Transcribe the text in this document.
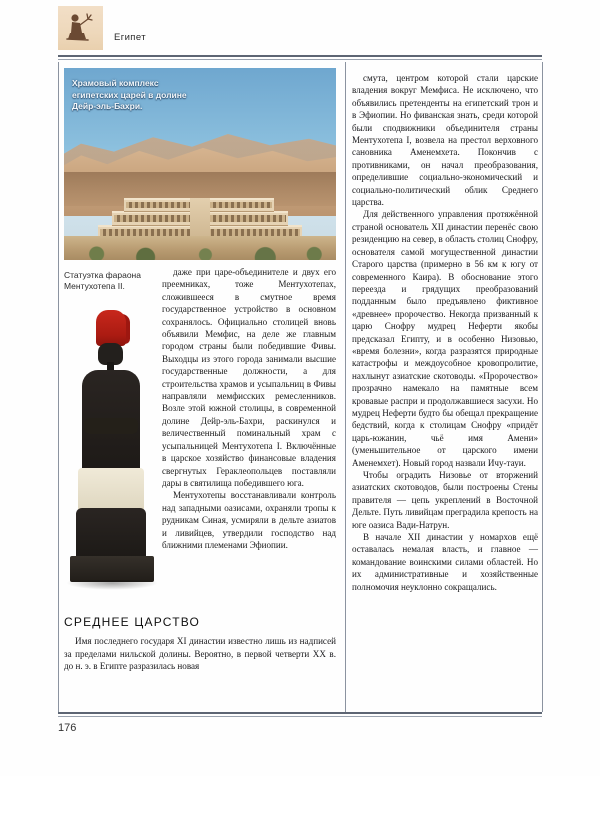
Египет
Храмовый комплекс египетских царей в долине Дейр-эль-Бахри.
Статуэтка фараона Ментухотепа II.

даже при царе-объединителе и двух его преемниках, тоже Ментухотепах, сложившееся в смутное время государственное устройство в основном сохранялось. Официально столицей вновь объявили Мемфис, на деле же главным городом страны были победившие Фивы. Выходцы из этого города занимали высшие государственные должности, а для строительства храмов и усыпальниц в Фивы направляли мемфисских ремесленников. Возле этой южной столицы, в современной долине Дейр-эль-Бахри, раскинулся и величественный поминальный храм с усыпальницей Ментухотепа I. Включённые в царское хозяйство финансовые владения свергнутых Гераклеопольцев поставляли дары в святилища победившего юга.

Ментухотепы восстанавливали контроль над западными оазисами, охраняли тропы к рудникам Синая, усмиряли в дельте азиатов и ливийцев, утвердили господство над ближними племенами Эфиопии.

СРЕДНЕЕ ЦАРСТВО

Имя последнего государя XI династии известно лишь из надписей за пределами нильской долины. Вероятно, в первой четверти XX в. до н. э. в Египте разразилась новая

смута, центром которой стали царские владения вокруг Мемфиса. Не исключено, что объявились претенденты на египетский трон и в Эфиопии. Но фиванская знать, среди которой были сподвижники объединителя страны Ментухотепа I, возвела на престол верховного сановника Аменемхета. Покончив с противниками, он начал преобразования, определившие социально-экономический и социально-политический облик Среднего царства.

Для действенного управления протяжённой страной основатель XII династии перенёс свою резиденцию на север, в область столиц Снофру, основателя самой могущественной династии Старого царства (примерно в 56 км к югу от современного Каира). В обоснование этого переезда и грядущих преобразований подданным было предъявлено фиктивное «древнее» пророчество. Некогда призванный к царю Снофру мудрец Неферти якобы предсказал Египту, и в особенно Низовью, «время болезни», когда разразятся природные катастрофы и междоусобное кровопролитие, нахлынут азиатские скотоводы. «Пророчество» прозрачно намекало на памятные всем кровавые распри и продолжавшиеся засухи. Но мудрец Неферти будто бы обещал прекращение бедствий, когда к столицам Снофру «придёт царь-южанин, чьё имя Амени» (уменьшительное от царского имени Аменемхет). Новый город назвали Ичу-тауи.

Чтобы оградить Низовье от вторжений азиатских скотоводов, были построены Стены правителя — цепь укреплений в Восточной Дельте. Путь ливийцам преградила крепость на юге оазиса Вади-Натрун.

В начале XII династии у номархов ещё оставалась немалая власть, и главное — командование воинскими силами областей. Но их административные и хозяйственные полномочия неуклонно сокращались.

176
